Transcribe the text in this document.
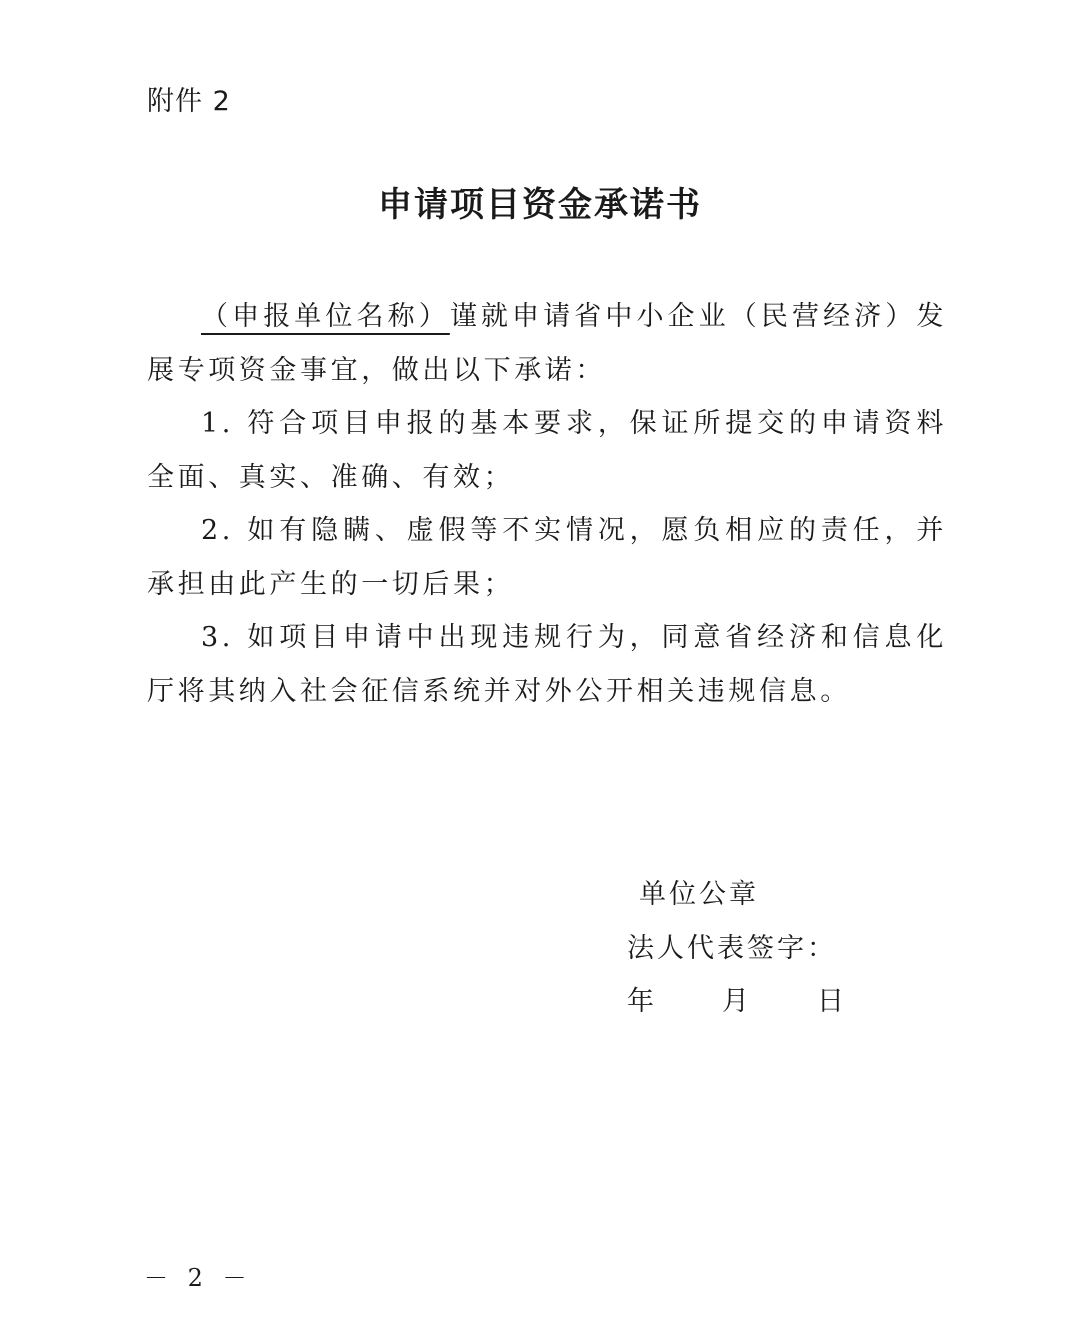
附件 2
申请项目资金承诺书

（申报单位名称）谨就申请省中小企业（民营经济）发展专项资金事宜，做出以下承诺：

1. 符合项目申报的基本要求，保证所提交的申请资料全面、真实、准确、有效；

2. 如有隐瞒、虚假等不实情况，愿负相应的责任，并承担由此产生的一切后果；

3. 如项目申请中出现违规行为，同意省经济和信息化厅将其纳入社会征信系统并对外公开相关违规信息。

单位公章
法人代表签字：
年 月 日
－ 2 －
